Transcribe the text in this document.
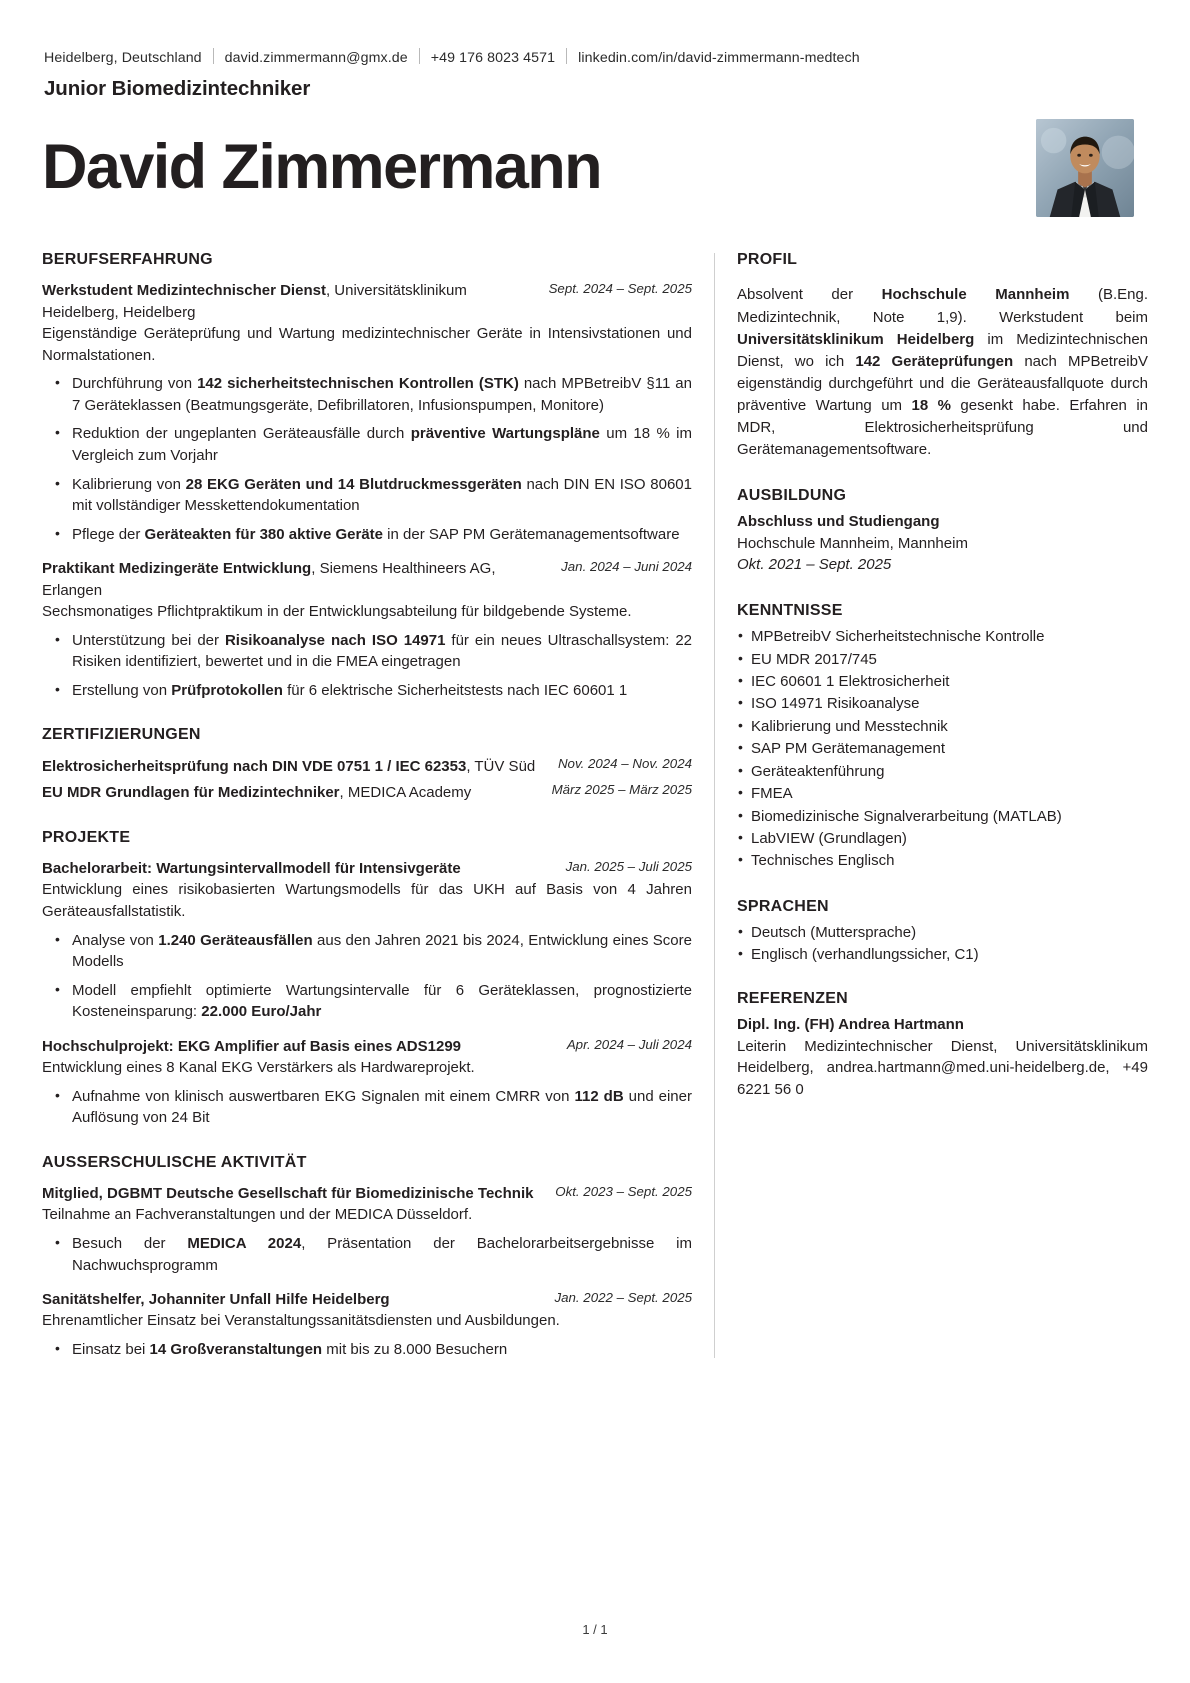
Heidelberg, Deutschland david.zimmermann@gmx.de +49 176 8023 4571 linkedin.com/in/david-zimmermann-medtech
Junior Biomedizintechniker
David Zimmermann
BERUFSERFAHRUNG
Sept. 2024 – Sept. 2025
Werkstudent Medizintechnischer Dienst, Universitätsklinikum Heidelberg, Heidelberg
Eigenständige Geräteprüfung und Wartung medizintechnischer Geräte in Intensivstationen und Normalstationen.
• Durchführung von 142 sicherheitstechnischen Kontrollen (STK) nach MPBetreibV §11 an 7 Geräteklassen (Beatmungsgeräte, Defibrillatoren, Infusionspumpen, Monitore)
• Reduktion der ungeplanten Geräteausfälle durch präventive Wartungspläne um 18 % im Vergleich zum Vorjahr
• Kalibrierung von 28 EKG Geräten und 14 Blutdruckmessgeräten nach DIN EN ISO 80601 mit vollständiger Messkettendokumentation
• Pflege der Geräteakten für 380 aktive Geräte in der SAP PM Gerätemanagementsoftware
Jan. 2024 – Juni 2024
Praktikant Medizingeräte Entwicklung, Siemens Healthineers AG, Erlangen
Sechsmonatiges Pflichtpraktikum in der Entwicklungsabteilung für bildgebende Systeme.
• Unterstützung bei der Risikoanalyse nach ISO 14971 für ein neues Ultraschallsystem: 22 Risiken identifiziert, bewertet und in die FMEA eingetragen
• Erstellung von Prüfprotokollen für 6 elektrische Sicherheitstests nach IEC 60601 1
ZERTIFIZIERUNGEN
Nov. 2024 – Nov. 2024
Elektrosicherheitsprüfung nach DIN VDE 0751 1 / IEC 62353, TÜV Süd
März 2025 – März 2025
EU MDR Grundlagen für Medizintechniker, MEDICA Academy
PROJEKTE
Jan. 2025 – Juli 2025
Bachelorarbeit: Wartungsintervallmodell für Intensivgeräte
Entwicklung eines risikobasierten Wartungsmodells für das UKH auf Basis von 4 Jahren Geräteausfallstatistik.
• Analyse von 1.240 Geräteausfällen aus den Jahren 2021 bis 2024, Entwicklung eines Score Modells
• Modell empfiehlt optimierte Wartungsintervalle für 6 Geräteklassen, prognostizierte Kosteneinsparung: 22.000 Euro/Jahr
Apr. 2024 – Juli 2024
Hochschulprojekt: EKG Amplifier auf Basis eines ADS1299
Entwicklung eines 8 Kanal EKG Verstärkers als Hardwareprojekt.
• Aufnahme von klinisch auswertbaren EKG Signalen mit einem CMRR von 112 dB und einer Auflösung von 24 Bit
AUSSERSCHULISCHE AKTIVITÄT
Okt. 2023 – Sept. 2025
Mitglied, DGBMT Deutsche Gesellschaft für Biomedizinische Technik
Teilnahme an Fachveranstaltungen und der MEDICA Düsseldorf.
• Besuch der MEDICA 2024, Präsentation der Bachelorarbeitsergebnisse im Nachwuchsprogramm
Jan. 2022 – Sept. 2025
Sanitätshelfer, Johanniter Unfall Hilfe Heidelberg
Ehrenamtlicher Einsatz bei Veranstaltungssanitätsdiensten und Ausbildungen.
• Einsatz bei 14 Großveranstaltungen mit bis zu 8.000 Besuchern
PROFIL

Absolvent der Hochschule Mannheim (B.Eng. Medizintechnik, Note 1,9). Werkstudent beim Universitätsklinikum Heidelberg im Medizintechnischen Dienst, wo ich 142 Geräteprüfungen nach MPBetreibV eigenständig durchgeführt und die Geräteausfallquote durch präventive Wartung um 18 % gesenkt habe. Erfahren in MDR, Elektrosicherheitsprüfung und Gerätemanagementsoftware.

AUSBILDUNG
Abschluss und Studiengang
Hochschule Mannheim, Mannheim
Okt. 2021 – Sept. 2025
KENNTNISSE
• MPBetreibV Sicherheitstechnische Kontrolle
• EU MDR 2017/745
• IEC 60601 1 Elektrosicherheit
• ISO 14971 Risikoanalyse
• Kalibrierung und Messtechnik
• SAP PM Gerätemanagement
• Geräteaktenführung
• FMEA
• Biomedizinische Signalverarbeitung (MATLAB)
• LabVIEW (Grundlagen)
• Technisches Englisch
SPRACHEN
• Deutsch (Muttersprache)
• Englisch (verhandlungssicher, C1)
REFERENZEN
Dipl. Ing. (FH) Andrea Hartmann
Leiterin Medizintechnischer Dienst, Universitätsklinikum Heidelberg, andrea.hartmann@med.uni-heidelberg.de, +49 6221 56 0
1 / 1
